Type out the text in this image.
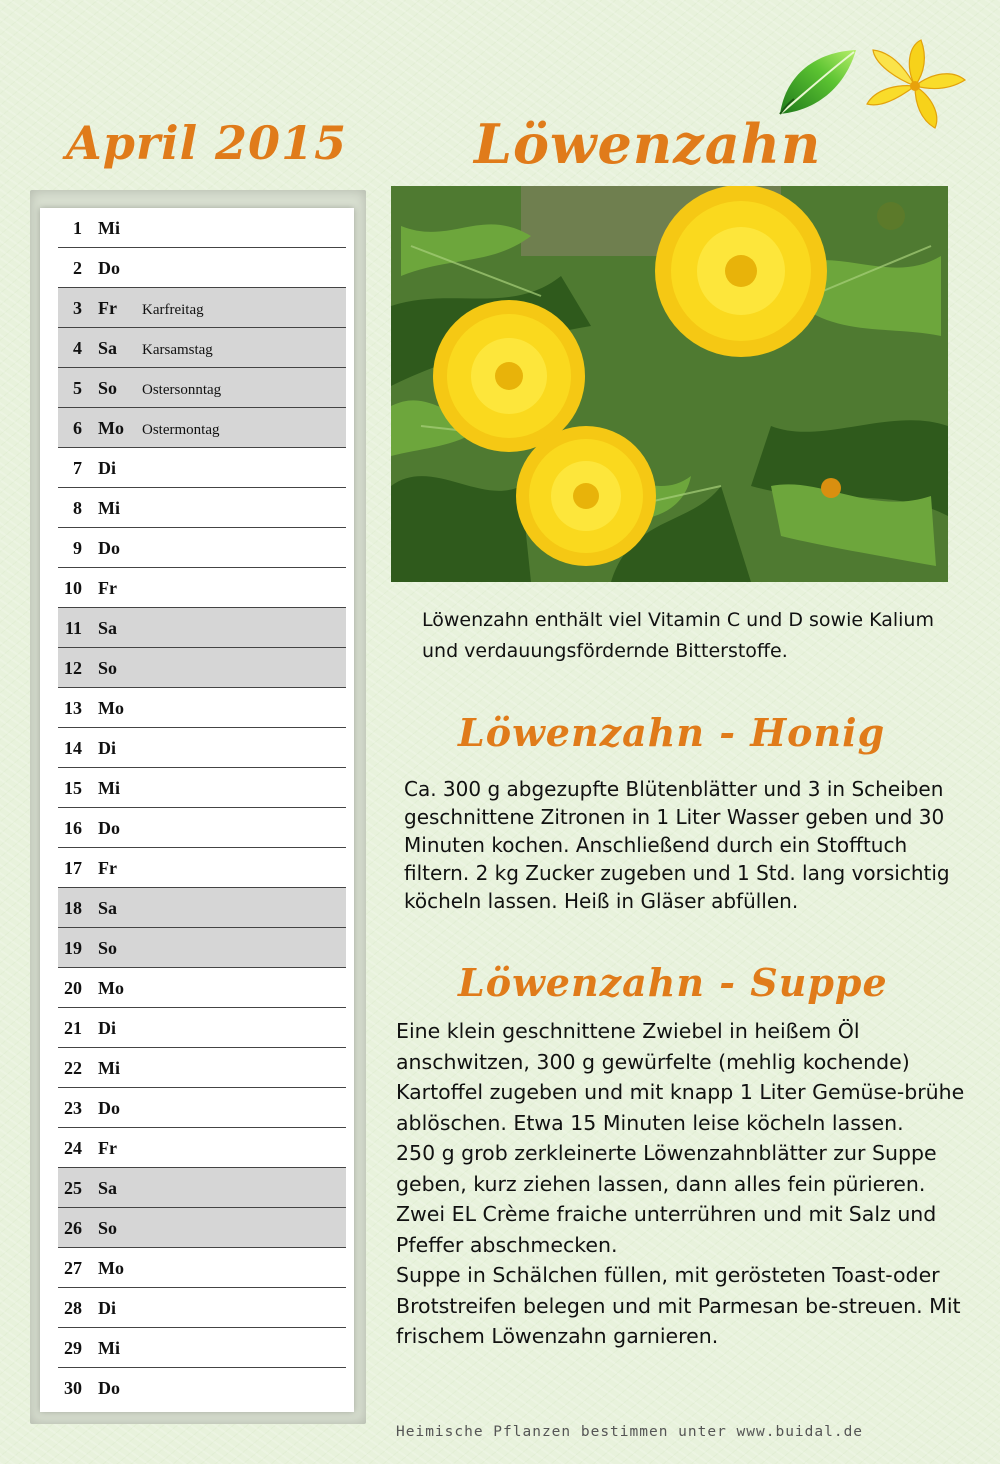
April 2015	Löwenzahn
1 Mi
2 Do
3 Fr Karfreitag
4 Sa Karsamstag
5 So Ostersonntag
6 Mo Ostermontag
7 Di
8 Mi
9 Do
10 Fr
11 Sa
12 So
13 Mo
14 Di
15 Mi
16 Do
17 Fr
18 Sa
19 So
20 Mo
21 Di
22 Mi
23 Do
24 Fr
25 Sa
26 So
27 Mo
28 Di
29 Mi
30 Do
Löwenzahn enthält viel Vitamin C und D sowie Kalium und verdauungsfördernde Bitterstoffe.
Löwenzahn - Honig
Ca. 300 g abgezupfte Blütenblätter und 3 in Scheiben geschnittene Zitronen in 1 Liter Wasser geben und 30 Minuten kochen. Anschließend durch ein Stofftuch filtern. 2 kg Zucker zugeben und 1 Std. lang vorsichtig köcheln lassen. Heiß in Gläser abfüllen.
Löwenzahn - Suppe

Eine klein geschnittene Zwiebel in heißem Öl anschwitzen, 300 g gewürfelte (mehlig kochende) Kartoffel zugeben und mit knapp 1 Liter Gemüse-brühe ablöschen. Etwa 15 Minuten leise köcheln lassen.

250 g grob zerkleinerte Löwenzahnblätter zur Suppe geben, kurz ziehen lassen, dann alles fein pürieren. Zwei EL Crème fraiche unterrühren und mit Salz und Pfeffer abschmecken.

Suppe in Schälchen füllen, mit gerösteten Toast-oder Brotstreifen belegen und mit Parmesan be-streuen. Mit frischem Löwenzahn garnieren.

Heimische Pflanzen bestimmen unter www.buidal.de
